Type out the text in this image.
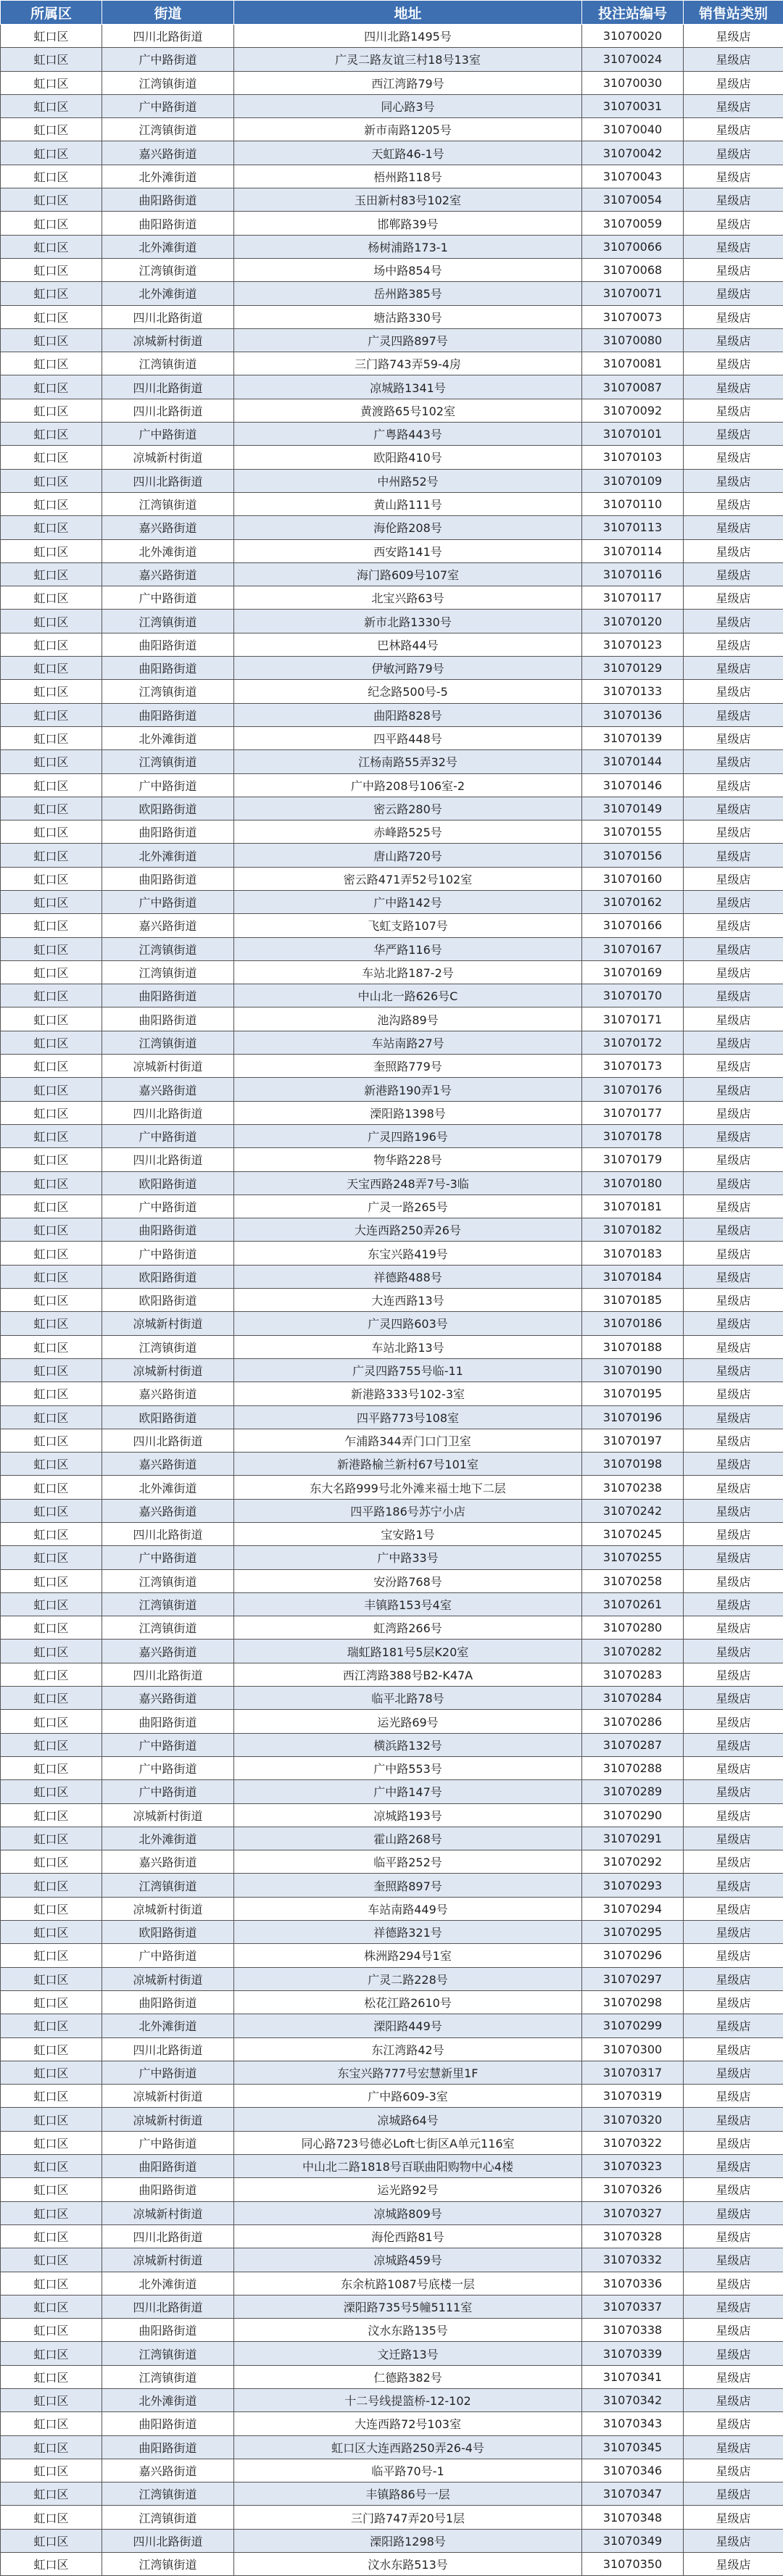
所属区	街道	地址	投注站编号	销售站类别
虹口区	四川北路街道	四川北路1495号	31070020	星级店
虹口区	广中路街道	广灵二路友谊三村18号13室	31070024	星级店
虹口区	江湾镇街道	西江湾路79号	31070030	星级店
虹口区	广中路街道	同心路3号	31070031	星级店
虹口区	江湾镇街道	新市南路1205号	31070040	星级店
虹口区	嘉兴路街道	天虹路46-1号	31070042	星级店
虹口区	北外滩街道	梧州路118号	31070043	星级店
虹口区	曲阳路街道	玉田新村83号102室	31070054	星级店
虹口区	曲阳路街道	邯郸路39号	31070059	星级店
虹口区	北外滩街道	杨树浦路173-1	31070066	星级店
虹口区	江湾镇街道	场中路854号	31070068	星级店
虹口区	北外滩街道	岳州路385号	31070071	星级店
虹口区	四川北路街道	塘沽路330号	31070073	星级店
虹口区	凉城新村街道	广灵四路897号	31070080	星级店
虹口区	江湾镇街道	三门路743弄59-4房	31070081	星级店
虹口区	四川北路街道	凉城路1341号	31070087	星级店
虹口区	四川北路街道	黄渡路65号102室	31070092	星级店
虹口区	广中路街道	广粤路443号	31070101	星级店
虹口区	凉城新村街道	欧阳路410号	31070103	星级店
虹口区	四川北路街道	中州路52号	31070109	星级店
虹口区	江湾镇街道	黄山路111号	31070110	星级店
虹口区	嘉兴路街道	海伦路208号	31070113	星级店
虹口区	北外滩街道	西安路141号	31070114	星级店
虹口区	嘉兴路街道	海门路609号107室	31070116	星级店
虹口区	广中路街道	北宝兴路63号	31070117	星级店
虹口区	江湾镇街道	新市北路1330号	31070120	星级店
虹口区	曲阳路街道	巴林路44号	31070123	星级店
虹口区	曲阳路街道	伊敏河路79号	31070129	星级店
虹口区	江湾镇街道	纪念路500号-5	31070133	星级店
虹口区	曲阳路街道	曲阳路828号	31070136	星级店
虹口区	北外滩街道	四平路448号	31070139	星级店
虹口区	江湾镇街道	江杨南路55弄32号	31070144	星级店
虹口区	广中路街道	广中路208号106室-2	31070146	星级店
虹口区	欧阳路街道	密云路280号	31070149	星级店
虹口区	曲阳路街道	赤峰路525号	31070155	星级店
虹口区	北外滩街道	唐山路720号	31070156	星级店
虹口区	曲阳路街道	密云路471弄52号102室	31070160	星级店
虹口区	广中路街道	广中路142号	31070162	星级店
虹口区	嘉兴路街道	飞虹支路107号	31070166	星级店
虹口区	江湾镇街道	华严路116号	31070167	星级店
虹口区	江湾镇街道	车站北路187-2号	31070169	星级店
虹口区	曲阳路街道	中山北一路626号C	31070170	星级店
虹口区	曲阳路街道	池沟路89号	31070171	星级店
虹口区	江湾镇街道	车站南路27号	31070172	星级店
虹口区	凉城新村街道	奎照路779号	31070173	星级店
虹口区	嘉兴路街道	新港路190弄1号	31070176	星级店
虹口区	四川北路街道	溧阳路1398号	31070177	星级店
虹口区	广中路街道	广灵四路196号	31070178	星级店
虹口区	四川北路街道	物华路228号	31070179	星级店
虹口区	欧阳路街道	天宝西路248弄7号-3临	31070180	星级店
虹口区	广中路街道	广灵一路265号	31070181	星级店
虹口区	曲阳路街道	大连西路250弄26号	31070182	星级店
虹口区	广中路街道	东宝兴路419号	31070183	星级店
虹口区	欧阳路街道	祥德路488号	31070184	星级店
虹口区	欧阳路街道	大连西路13号	31070185	星级店
虹口区	凉城新村街道	广灵四路603号	31070186	星级店
虹口区	江湾镇街道	车站北路13号	31070188	星级店
虹口区	凉城新村街道	广灵四路755号临-11	31070190	星级店
虹口区	嘉兴路街道	新港路333号102-3室	31070195	星级店
虹口区	欧阳路街道	四平路773号108室	31070196	星级店
虹口区	四川北路街道	乍浦路344弄门口门卫室	31070197	星级店
虹口区	嘉兴路街道	新港路榆兰新村67号101室	31070198	星级店
虹口区	北外滩街道	东大名路999号北外滩来福士地下二层	31070238	星级店
虹口区	嘉兴路街道	四平路186号苏宁小店	31070242	星级店
虹口区	四川北路街道	宝安路1号	31070245	星级店
虹口区	广中路街道	广中路33号	31070255	星级店
虹口区	江湾镇街道	安汾路768号	31070258	星级店
虹口区	江湾镇街道	丰镇路153号4室	31070261	星级店
虹口区	江湾镇街道	虹湾路266号	31070280	星级店
虹口区	嘉兴路街道	瑞虹路181号5层K20室	31070282	星级店
虹口区	四川北路街道	西江湾路388号B2-K47A	31070283	星级店
虹口区	嘉兴路街道	临平北路78号	31070284	星级店
虹口区	曲阳路街道	运光路69号	31070286	星级店
虹口区	广中路街道	横浜路132号	31070287	星级店
虹口区	广中路街道	广中路553号	31070288	星级店
虹口区	广中路街道	广中路147号	31070289	星级店
虹口区	凉城新村街道	凉城路193号	31070290	星级店
虹口区	北外滩街道	霍山路268号	31070291	星级店
虹口区	嘉兴路街道	临平路252号	31070292	星级店
虹口区	江湾镇街道	奎照路897号	31070293	星级店
虹口区	凉城新村街道	车站南路449号	31070294	星级店
虹口区	欧阳路街道	祥德路321号	31070295	星级店
虹口区	广中路街道	株洲路294号1室	31070296	星级店
虹口区	凉城新村街道	广灵二路228号	31070297	星级店
虹口区	曲阳路街道	松花江路2610号	31070298	星级店
虹口区	北外滩街道	溧阳路449号	31070299	星级店
虹口区	四川北路街道	东江湾路42号	31070300	星级店
虹口区	广中路街道	东宝兴路777号宏慧新里1F	31070317	星级店
虹口区	凉城新村街道	广中路609-3室	31070319	星级店
虹口区	凉城新村街道	凉城路64号	31070320	星级店
虹口区	广中路街道	同心路723号德必Loft七街区A单元116室	31070322	星级店
虹口区	曲阳路街道	中山北二路1818号百联曲阳购物中心4楼	31070323	星级店
虹口区	曲阳路街道	运光路92号	31070326	星级店
虹口区	凉城新村街道	凉城路809号	31070327	星级店
虹口区	四川北路街道	海伦西路81号	31070328	星级店
虹口区	凉城新村街道	凉城路459号	31070332	星级店
虹口区	北外滩街道	东余杭路1087号底楼一层	31070336	星级店
虹口区	四川北路街道	溧阳路735号5幢5111室	31070337	星级店
虹口区	曲阳路街道	汶水东路135号	31070338	星级店
虹口区	江湾镇街道	文迁路13号	31070339	星级店
虹口区	江湾镇街道	仁德路382号	31070341	星级店
虹口区	北外滩街道	十二号线提篮桥-12-102	31070342	星级店
虹口区	曲阳路街道	大连西路72号103室	31070343	星级店
虹口区	曲阳路街道	虹口区大连西路250弄26-4号	31070345	星级店
虹口区	嘉兴路街道	临平路70号-1	31070346	星级店
虹口区	江湾镇街道	丰镇路86号一层	31070347	星级店
虹口区	江湾镇街道	三门路747弄20号1层	31070348	星级店
虹口区	四川北路街道	溧阳路1298号	31070349	星级店
虹口区	江湾镇街道	汶水东路513号	31070350	星级店
